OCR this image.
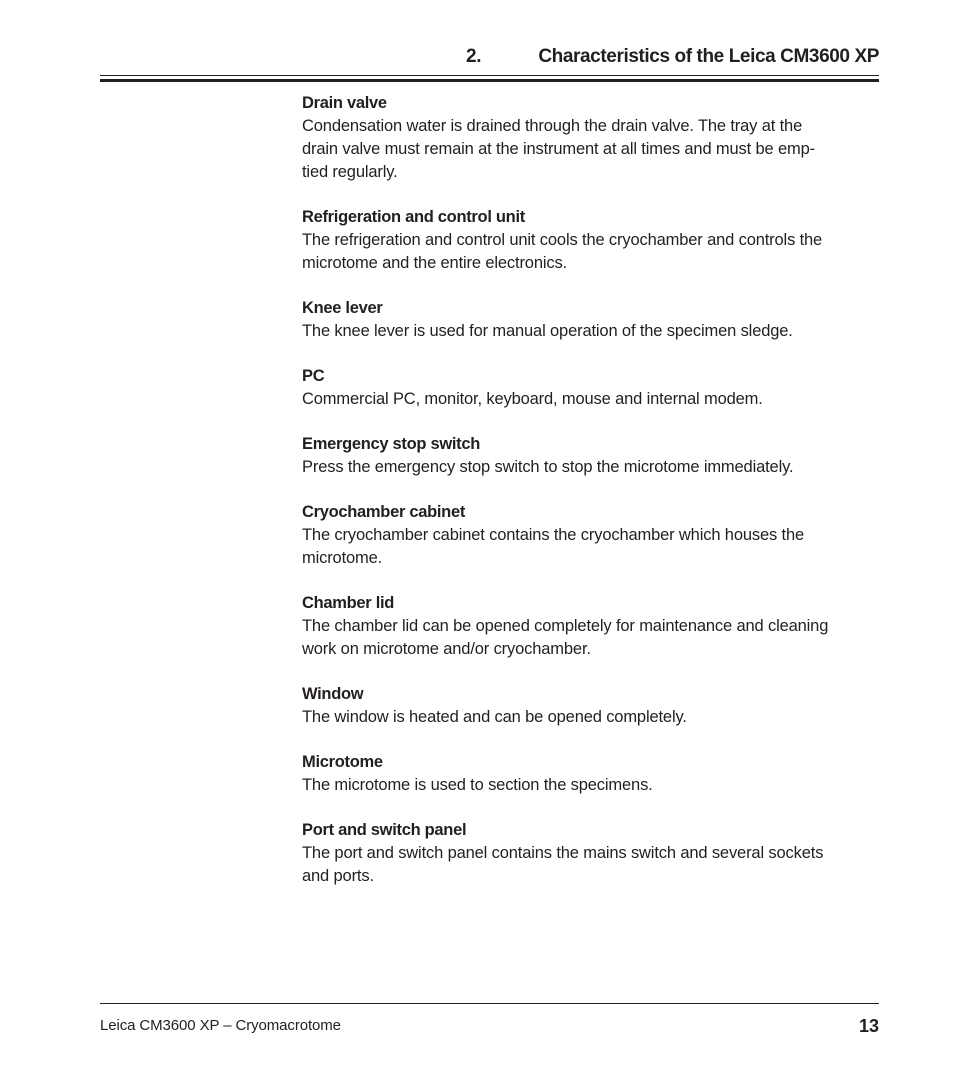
2.	Characteristics of the Leica CM3600 XP

Drain valve

Condensation water is drained through the drain valve. The tray at the
drain valve must remain at the instrument at all times and must be emp-
tied regularly.

Refrigeration and control unit

The refrigeration and control unit cools the cryochamber and controls the
microtome and the entire electronics.

Knee lever

The knee lever is used for manual operation of the specimen sledge.

PC

Commercial PC, monitor, keyboard, mouse and internal modem.

Emergency stop switch

Press the emergency stop switch to stop the microtome immediately.

Cryochamber cabinet

The cryochamber cabinet contains the cryochamber which houses the
microtome.

Chamber lid

The chamber lid can be opened completely for maintenance and cleaning
work on microtome and/or cryochamber.

Window

The window is heated and can be opened completely.

Microtome

The microtome is used to section the specimens.

Port and switch panel

The port and switch panel contains the mains switch and several sockets
and ports.

Leica CM3600 XP – Cryomacrotome	13
